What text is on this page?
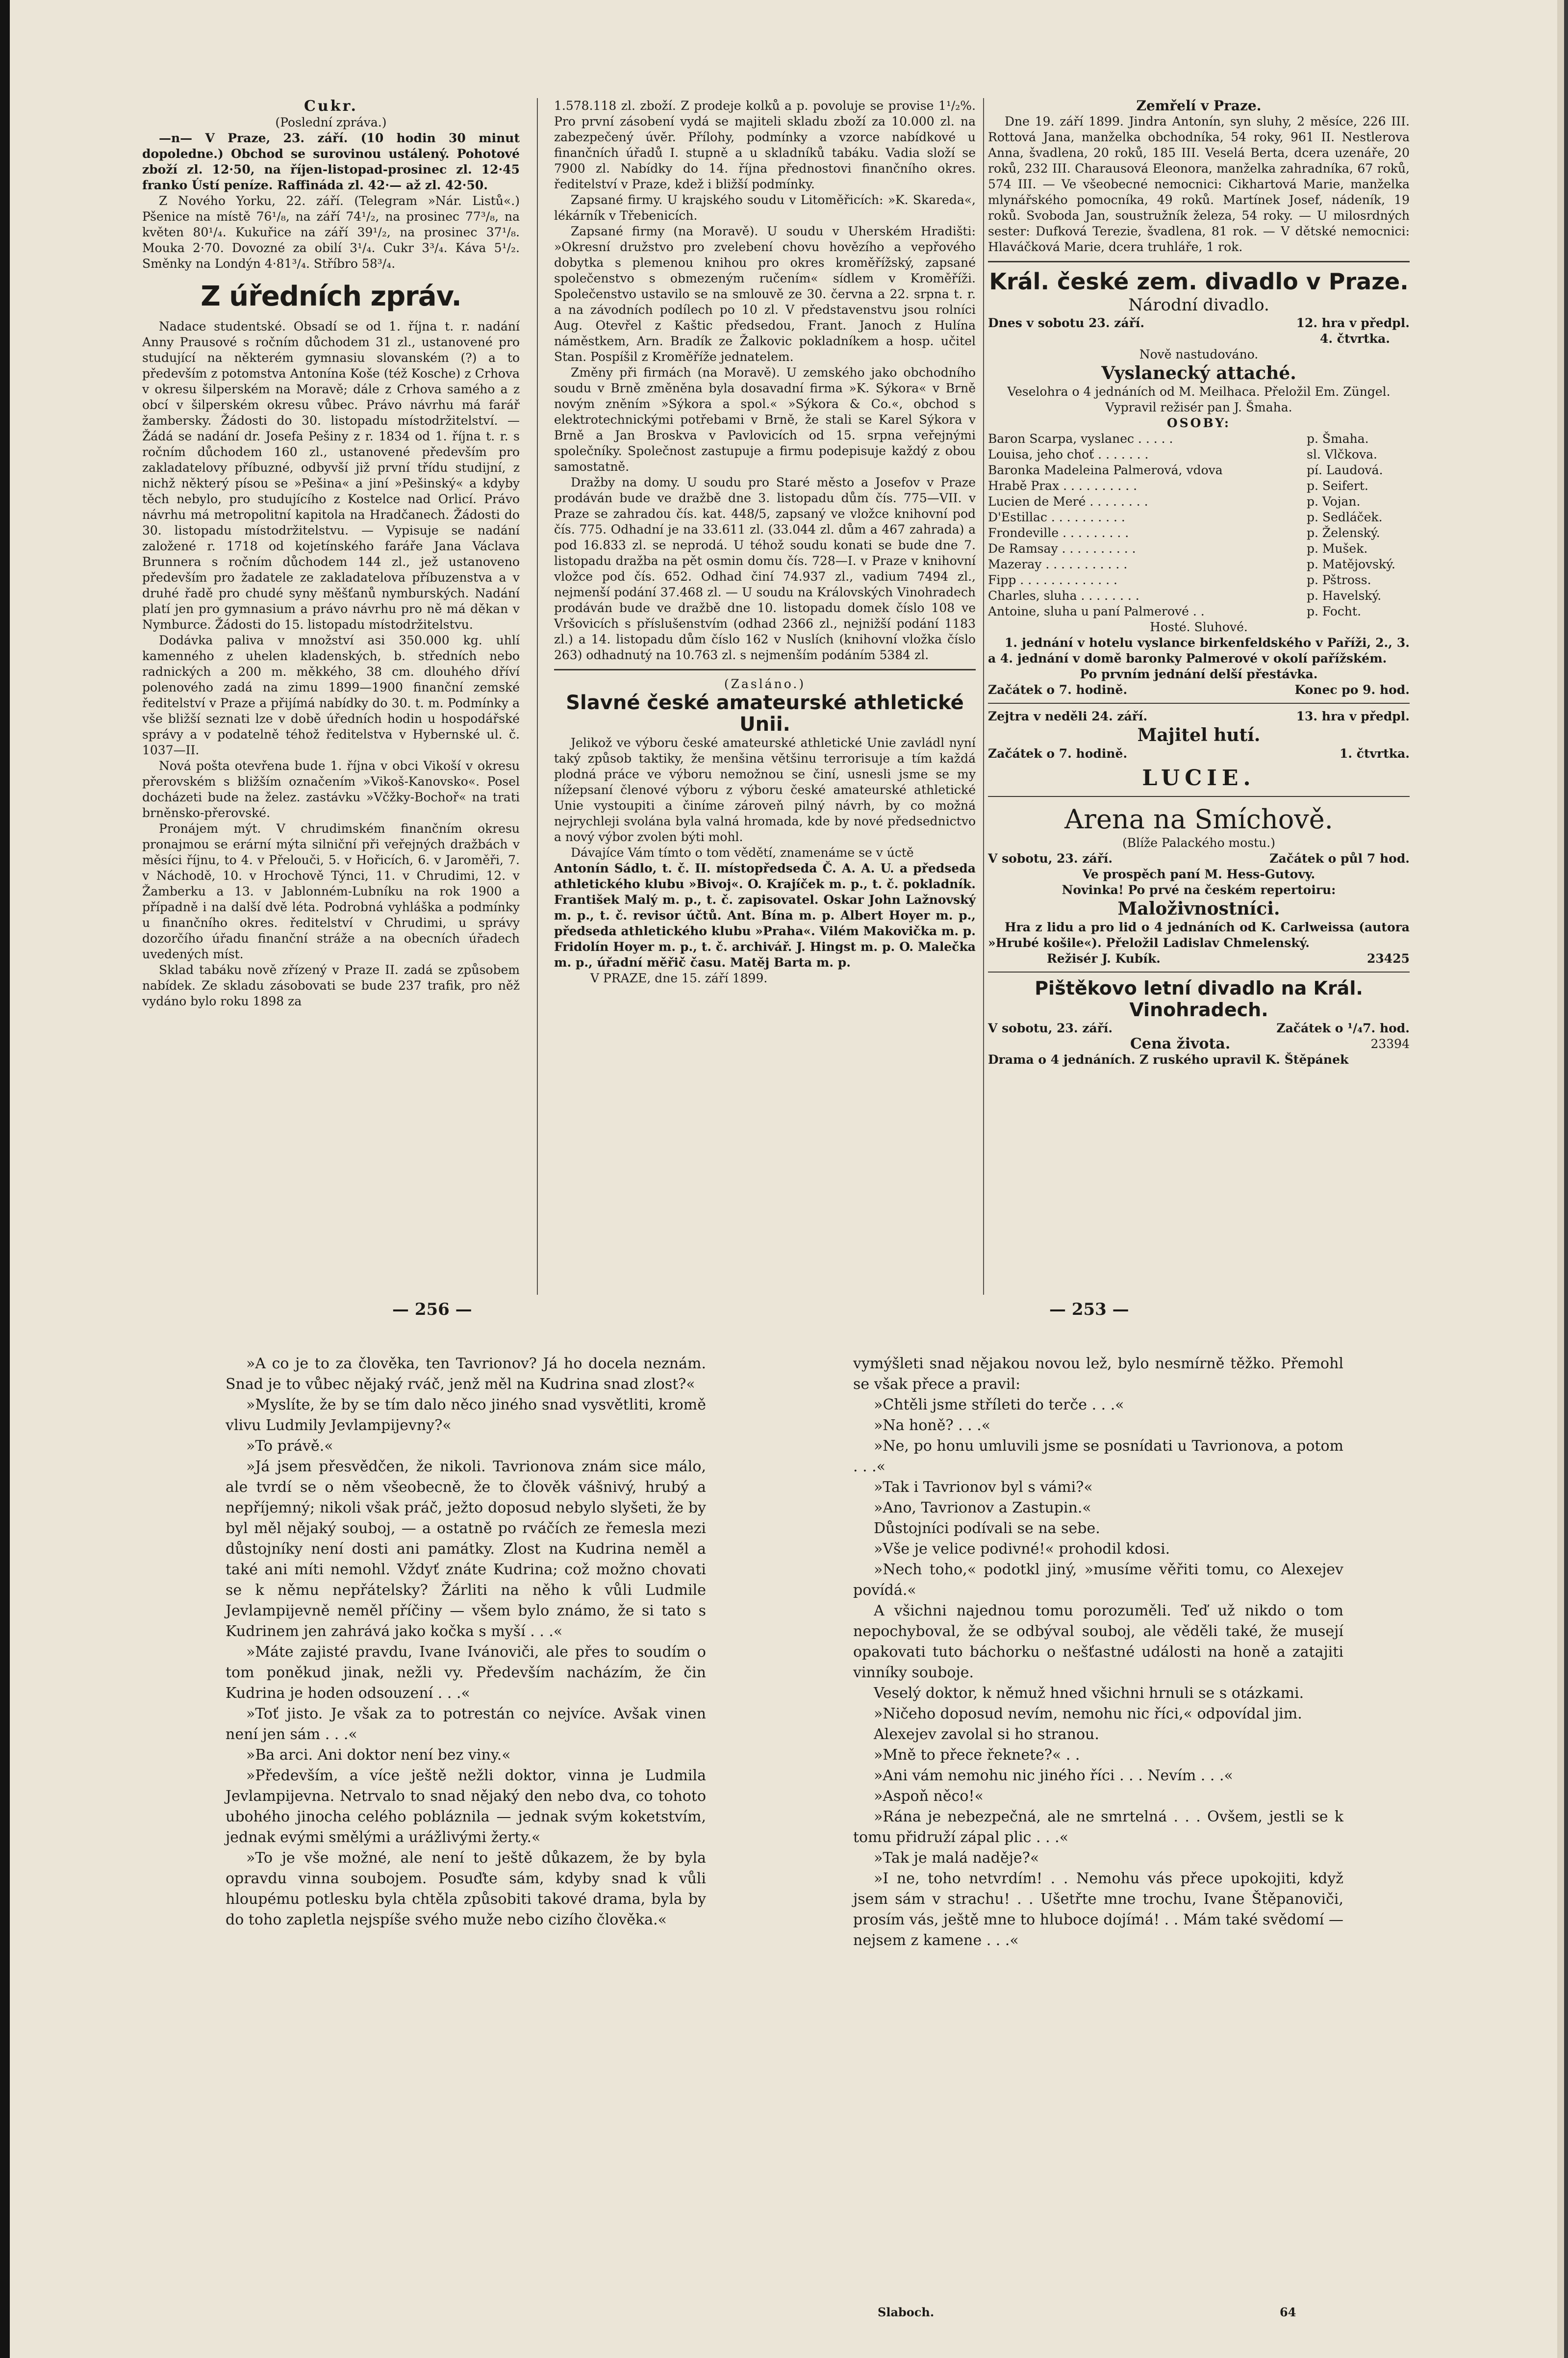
Cukr.

(Poslední zpráva.)

—n— V Praze, 23. září. (10 hodin 30 minut dopoledne.) Obchod se surovinou ustálený. Pohotové zboží zl. 12·50, na říjen-listopad-prosinec zl. 12·45 franko Ústí peníze. Raffináda zl. 42·— až zl. 42·50.

Z Nového Yorku, 22. září. (Telegram »Nár. Listů«.) Pšenice na místě 76¹/₈, na září 74¹/₂, na prosinec 77³/₈, na květen 80¹/₄. Kukuřice na září 39¹/₂, na prosinec 37¹/₈. Mouka 2·70. Dovozné za obilí 3¹/₄. Cukr 3³/₄. Káva 5¹/₂. Směnky na Londýn 4·81³/₄. Stříbro 58³/₄.

Z úředních zpráv.

Nadace studentské. Obsadí se od 1. října t. r. nadání Anny Prausové s ročním důchodem 31 zl., ustanovené pro studující na některém gymnasiu slovanském (?) a to především z potomstva Antonína Koše (též Kosche) z Crhova v okresu šilperském na Moravě; dále z Crhova samého a z obcí v šilperském okresu vůbec. Právo návrhu má farář žambersky. Žádosti do 30. listopadu místodržitelství. — Žádá se nadání dr. Josefa Pešiny z r. 1834 od 1. října t. r. s ročním důchodem 160 zl., ustanovené především pro zakladatelovy příbuzné, odbyvší již první třídu studijní, z nichž některý písou se »Pešina« a jiní »Pešinský« a kdyby těch nebylo, pro studujícího z Kostelce nad Orlicí. Právo návrhu má metropolitní kapitola na Hradčanech. Žádosti do 30. listopadu místodržitelstvu. — Vypisuje se nadání založené r. 1718 od kojetínského faráře Jana Václava Brunnera s ročním důchodem 144 zl., jež ustanoveno především pro žadatele ze zakladatelova příbuzenstva a v druhé řadě pro chudé syny měšťanů nymburských. Nadání platí jen pro gymnasium a právo návrhu pro ně má děkan v Nymburce. Žádosti do 15. listopadu místodržitelstvu.

Dodávka paliva v množství asi 350.000 kg. uhlí kamenného z uhelen kladenských, b. středních nebo radnických a 200 m. měkkého, 38 cm. dlouhého dříví polenového zadá na zimu 1899—1900 finanční zemské ředitelství v Praze a přijímá nabídky do 30. t. m. Podmínky a vše bližší seznati lze v době úředních hodin u hospodářské správy a v podatelně téhož ředitelstva v Hybernské ul. č. 1037—II.

Nová pošta otevřena bude 1. října v obci Vikoší v okresu přerovském s bližším označením »Vikoš-Kanovsko«. Posel docházeti bude na želez. zastávku »Včžky-Bochoř« na trati brněnsko-přerovské.

Pronájem mýt. V chrudimském finančním okresu pronajmou se erární mýta silniční při veřejných dražbách v měsíci říjnu, to 4. v Přelouči, 5. v Hořicích, 6. v Jaroměři, 7. v Náchodě, 10. v Hrochově Týnci, 11. v Chrudimi, 12. v Žamberku a 13. v Jablonném-Lubníku na rok 1900 a případně i na další dvě léta. Podrobná vyhláška a podmínky u finančního okres. ředitelství v Chrudimi, u správy dozorčího úřadu finanční stráže a na obecních úřadech uvedených míst.

Sklad tabáku nově zřízený v Praze II. zadá se způsobem nabídek. Ze skladu zásobovati se bude 237 trafik, pro něž vydáno bylo roku 1898 za

1.578.118 zl. zboží. Z prodeje kolků a p. povoluje se provise 1¹/₂%. Pro první zásobení vydá se majiteli skladu zboží za 10.000 zl. na zabezpečený úvěr. Přílohy, podmínky a vzorce nabídkové u finančních úřadů I. stupně a u skladníků tabáku. Vadia složí se 7900 zl. Nabídky do 14. října přednostovi finančního okres. ředitelství v Praze, kdež i bližší podmínky.

Zapsané firmy. U krajského soudu v Litoměřicích: »K. Skareda«, lékárník v Třebenicích.

Zapsané firmy (na Moravě). U soudu v Uherském Hradišti: »Okresní družstvo pro zvelebení chovu hovězího a vepřového dobytka s plemenou knihou pro okres kroměřížský, zapsané společenstvo s obmezeným ručením« sídlem v Kroměříži. Společenstvo ustavilo se na smlouvě ze 30. června a 22. srpna t. r. a na závodních podílech po 10 zl. V představenstvu jsou rolníci Aug. Otevřel z Kaštic předsedou, Frant. Janoch z Hulína náměstkem, Arn. Bradík ze Žalkovic pokladníkem a hosp. učitel Stan. Pospíšil z Kroměříže jednatelem.

Změny při firmách (na Moravě). U zemského jako obchodního soudu v Brně změněna byla dosavadní firma »K. Sýkora« v Brně novým zněním »Sýkora a spol.« »Sýkora & Co.«, obchod s elektrotechnickými potřebami v Brně, že stali se Karel Sýkora v Brně a Jan Broskva v Pavlovicích od 15. srpna veřejnými společníky. Společnost zastupuje a firmu podepisuje každý z obou samostatně.

Dražby na domy. U soudu pro Staré město a Josefov v Praze prodáván bude ve dražbě dne 3. listopadu dům čís. 775—VII. v Praze se zahradou čís. kat. 448/5, zapsaný ve vložce knihovní pod čís. 775. Odhadní je na 33.611 zl. (33.044 zl. dům a 467 zahrada) a pod 16.833 zl. se neprodá. U téhož soudu konati se bude dne 7. listopadu dražba na pět osmin domu čís. 728—I. v Praze v knihovní vložce pod čís. 652. Odhad činí 74.937 zl., vadium 7494 zl., nejmenší podání 37.468 zl. — U soudu na Královských Vinohradech prodáván bude ve dražbě dne 10. listopadu domek číslo 108 ve Vršovicích s příslušenstvím (odhad 2366 zl., nejnižší podání 1183 zl.) a 14. listopadu dům číslo 162 v Nuslích (knihovní vložka číslo 263) odhadnutý na 10.763 zl. s nejmenším podáním 5384 zl.

(Zasláno.)

Slavné české amateurské athletické Unii.

Jelikož ve výboru české amateurské athletické Unie zavládl nyní taký způsob taktiky, že menšina většinu terrorisuje a tím každá plodná práce ve výboru nemožnou se činí, usnesli jsme se my nížepsaní členové výboru z výboru české amateurské athletické Unie vystoupiti a činíme zároveň pilný návrh, by co možná nejrychleji svolána byla valná hromada, kde by nové předsednictvo a nový výbor zvolen býti mohl.

Dávajíce Vám tímto o tom vědětí, znamenáme se v úctě

Antonín Sádlo, t. č. II. místopředseda Č. A. A. U. a předseda athletického klubu »Bivoj«. O. Krajíček m. p., t. č. pokladník. František Malý m. p., t. č. zapisovatel. Oskar John Lažnovský m. p., t. č. revisor účtů. Ant. Bína m. p. Albert Hoyer m. p., předseda athletického klubu »Praha«. Vilém Makovička m. p. Fridolín Hoyer m. p., t. č. archivář. J. Hingst m. p. O. Malečka m. p., úřadní měřič času. Matěj Barta m. p.

V PRAZE, dne 15. září 1899.

Zemřelí v Praze.

Dne 19. září 1899. Jindra Antonín, syn sluhy, 2 měsíce, 226 III. Rottová Jana, manželka obchodníka, 54 roky, 961 II. Nestlerova Anna, švadlena, 20 roků, 185 III. Veselá Berta, dcera uzenáře, 20 roků, 232 III. Charausová Eleonora, manželka zahradníka, 67 roků, 574 III. — Ve všeobecné nemocnici: Cikhartová Marie, manželka mlynářského pomocníka, 49 roků. Martínek Josef, nádeník, 19 roků. Svoboda Jan, soustružník železa, 54 roky. — U milosrdných sester: Dufková Terezie, švadlena, 81 rok. — V dětské nemocnici: Hlaváčková Marie, dcera truhláře, 1 rok.

Král. české zem. divadlo v Praze.
Národní divadlo.
Dnes v sobotu 23. září.	12. hra v předpl.
4. čtvrtka.
Nově nastudováno.
Vyslanecký attaché.

Veselohra o 4 jednáních od M. Meilhaca. Přeložil Em. Züngel. Vypravil režisér pan J. Šmaha.

OSOBY:
Baron Scarpa, vyslanec . . . . .	p. Šmaha.
Louisa, jeho choť . . . . . . .	sl. Vlčkova.
Baronka Madeleina Palmerová, vdova	pí. Laudová.
Hrabě Prax . . . . . . . . . .	p. Seifert.
Lucien de Meré . . . . . . . .	p. Vojan.
D'Estillac . . . . . . . . . .	p. Sedláček.
Frondeville . . . . . . . . .	p. Želenský.
De Ramsay . . . . . . . . . .	p. Mušek.
Mazeray . . . . . . . . . . .	p. Matějovský.
Fipp . . . . . . . . . . . . .	p. Pštross.
Charles, sluha . . . . . . . .	p. Havelský.
Antoine, sluha u paní Palmerové . .	p. Focht.
Hosté. Sluhové.

1. jednání v hotelu vyslance birkenfeldského v Paříži, 2., 3. a 4. jednání v domě baronky Palmerové v okolí pařížském.

Po prvním jednání delší přestávka.
Začátek o 7. hodině.	Konec po 9. hod.
Zejtra v neděli 24. září.	13. hra v předpl.
Majitel hutí.
Začátek o 7. hodině.	1. čtvrtka.
LUCIE.
Arena na Smíchově.
(Blíže Palackého mostu.)
V sobotu, 23. září.	Začátek o půl 7 hod.
Ve prospěch paní M. Hess-Gutovy.
Novinka! Po prvé na českém repertoiru:
Maloživnostníci.

Hra z lidu a pro lid o 4 jednáních od K. Carlweissa (autora »Hrubé košile«). Přeložil Ladislav Chmelenský.

Režisér J. Kubík.	23425
Pištěkovo letní divadlo na Král. Vinohradech.
V sobotu, 23. září.	Začátek o ¹/₄7. hod.
Cena života.	23394
Drama o 4 jednáních. Z ruského upravil K. Štěpánek
— 256 —	— 253 —

»A co je to za člověka, ten Tavrionov? Já ho docela neznám. Snad je to vůbec nějaký rváč, jenž měl na Kudrina snad zlost?«

»Myslíte, že by se tím dalo něco jiného snad vysvětliti, kromě vlivu Ludmily Jevlampijevny?«

»To právě.«

»Já jsem přesvědčen, že nikoli. Tavrionova znám sice málo, ale tvrdí se o něm všeobecně, že to člověk vášnivý, hrubý a nepříjemný; nikoli však práč, ježto doposud nebylo slyšeti, že by byl měl nějaký souboj, — a ostatně po rváčích ze řemesla mezi důstojníky není dosti ani památky. Zlost na Kudrina neměl a také ani míti nemohl. Vždyť znáte Kudrina; což možno chovati se k němu nepřátelsky? Žárliti na něho k vůli Ludmile Jevlampijevně neměl příčiny — všem bylo známo, že si tato s Kudrinem jen zahrává jako kočka s myší . . .«

»Máte zajisté pravdu, Ivane Ivánoviči, ale přes to soudím o tom poněkud jinak, nežli vy. Především nacházím, že čin Kudrina je hoden odsouzení . . .«

»Toť jisto. Je však za to potrestán co nejvíce. Avšak vinen není jen sám . . .«

»Ba arci. Ani doktor není bez viny.«

»Především, a více ještě nežli doktor, vinna je Ludmila Jevlampijevna. Netrvalo to snad nějaký den nebo dva, co tohoto ubohého jinocha celého pobláznila — jednak svým koketstvím, jednak evými smělými a urážlivými žerty.«

»To je vše možné, ale není to ještě důkazem, že by byla opravdu vinna soubojem. Posuďte sám, kdyby snad k vůli hloupému potlesku byla chtěla způsobiti takové drama, byla by do toho zapletla nejspíše svého muže nebo cizího člověka.«

vymýšleti snad nějakou novou lež, bylo nesmírně těžko. Přemohl se však přece a pravil:

»Chtěli jsme stříleti do terče . . .«

»Na honě? . . .«

»Ne, po honu umluvili jsme se posnídati u Tavrionova, a potom . . .«

»Tak i Tavrionov byl s vámi?«

»Ano, Tavrionov a Zastupin.«

Důstojníci podívali se na sebe.

»Vše je velice podivné!« prohodil kdosi.

»Nech toho,« podotkl jiný, »musíme věřiti tomu, co Alexejev povídá.«

A všichni najednou tomu porozuměli. Teď už nikdo o tom nepochyboval, že se odbýval souboj, ale věděli také, že musejí opakovati tuto báchorku o nešťastné události na honě a zatajiti vinníky souboje.

Veselý doktor, k němuž hned všichni hrnuli se s otázkami.

»Ničeho doposud nevím, nemohu nic říci,« odpovídal jim.

Alexejev zavolal si ho stranou.

»Mně to přece řeknete?« . .

»Ani vám nemohu nic jiného říci . . . Nevím . . .«

»Aspoň něco!«

»Rána je nebezpečná, ale ne smrtelná . . . Ovšem, jestli se k tomu přidruží zápal plic . . .«

»Tak je malá naděje?«

»I ne, toho netvrdím! . . Nemohu vás přece upokojiti, když jsem sám v strachu! . . Ušetřte mne trochu, Ivane Štěpanoviči, prosím vás, ještě mne to hluboce dojímá! . . Mám také svědomí — nejsem z kamene . . .«

Slaboch.	64
